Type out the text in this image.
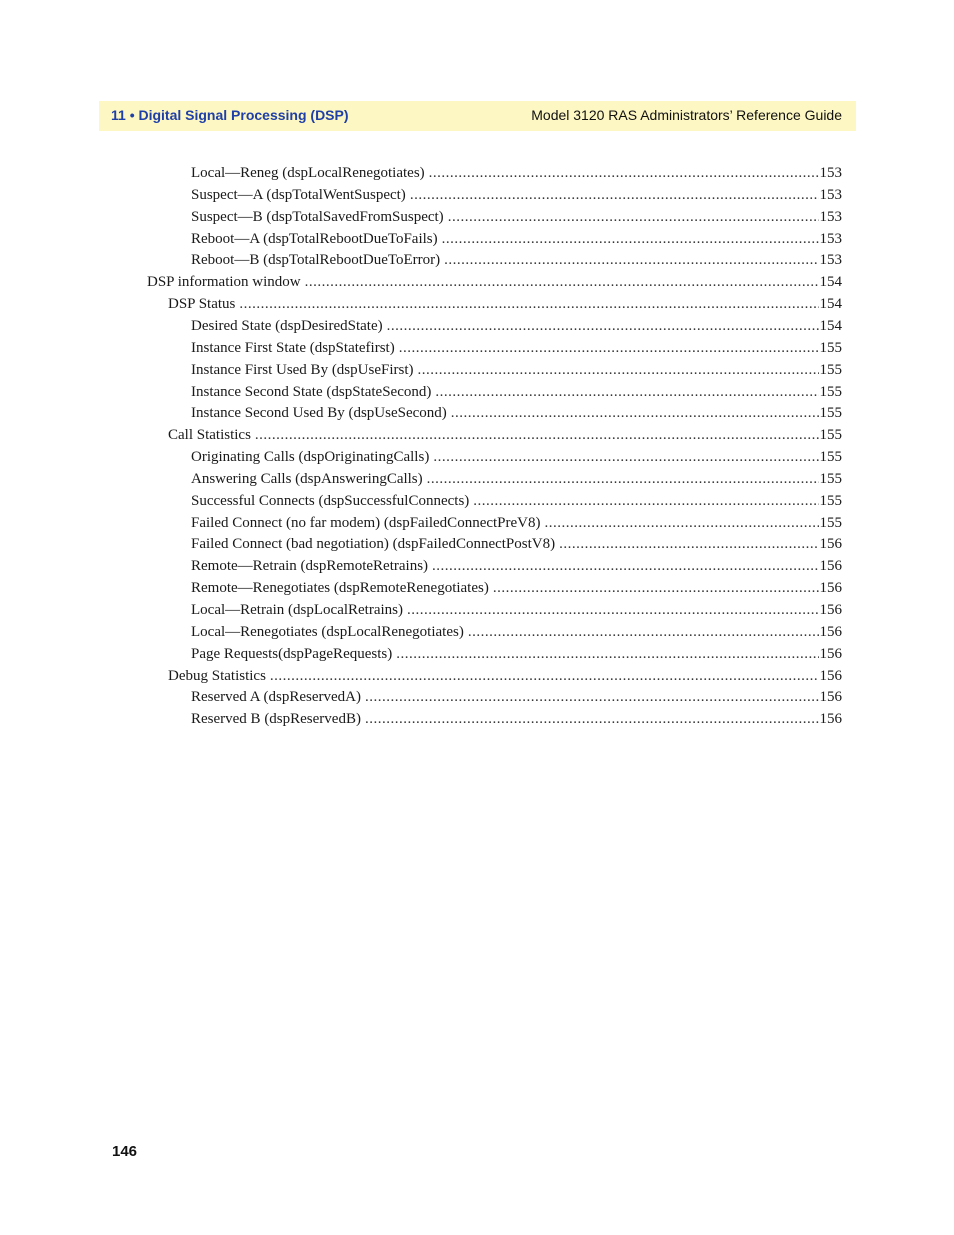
11 • Digital Signal Processing (DSP)	Model 3120 RAS Administrators’ Reference Guide
Local—Reneg (dspLocalRenegotiates) .....	153
Suspect—A (dspTotalWentSuspect) .....	153
Suspect—B (dspTotalSavedFromSuspect) .....	153
Reboot—A (dspTotalRebootDueToFails) .....	153
Reboot—B (dspTotalRebootDueToError) .....	153
DSP information window .....	154
DSP Status .....	154
Desired State (dspDesiredState) .....	154
Instance First State (dspStatefirst) .....	155
Instance First Used By (dspUseFirst) .....	155
Instance Second State (dspStateSecond) .....	155
Instance Second Used By (dspUseSecond) .....	155
Call Statistics .....	155
Originating Calls (dspOriginatingCalls) .....	155
Answering Calls (dspAnsweringCalls) .....	155
Successful Connects (dspSuccessfulConnects) .....	155
Failed Connect (no far modem) (dspFailedConnectPreV8) .....	155
Failed Connect (bad negotiation) (dspFailedConnectPostV8) .....	156
Remote—Retrain (dspRemoteRetrains) .....	156
Remote—Renegotiates (dspRemoteRenegotiates) .....	156
Local—Retrain (dspLocalRetrains) .....	156
Local—Renegotiates (dspLocalRenegotiates) .....	156
Page Requests(dspPageRequests) .....	156
Debug Statistics .....	156
Reserved A (dspReservedA) .....	156
Reserved B (dspReservedB) .....	156
146
